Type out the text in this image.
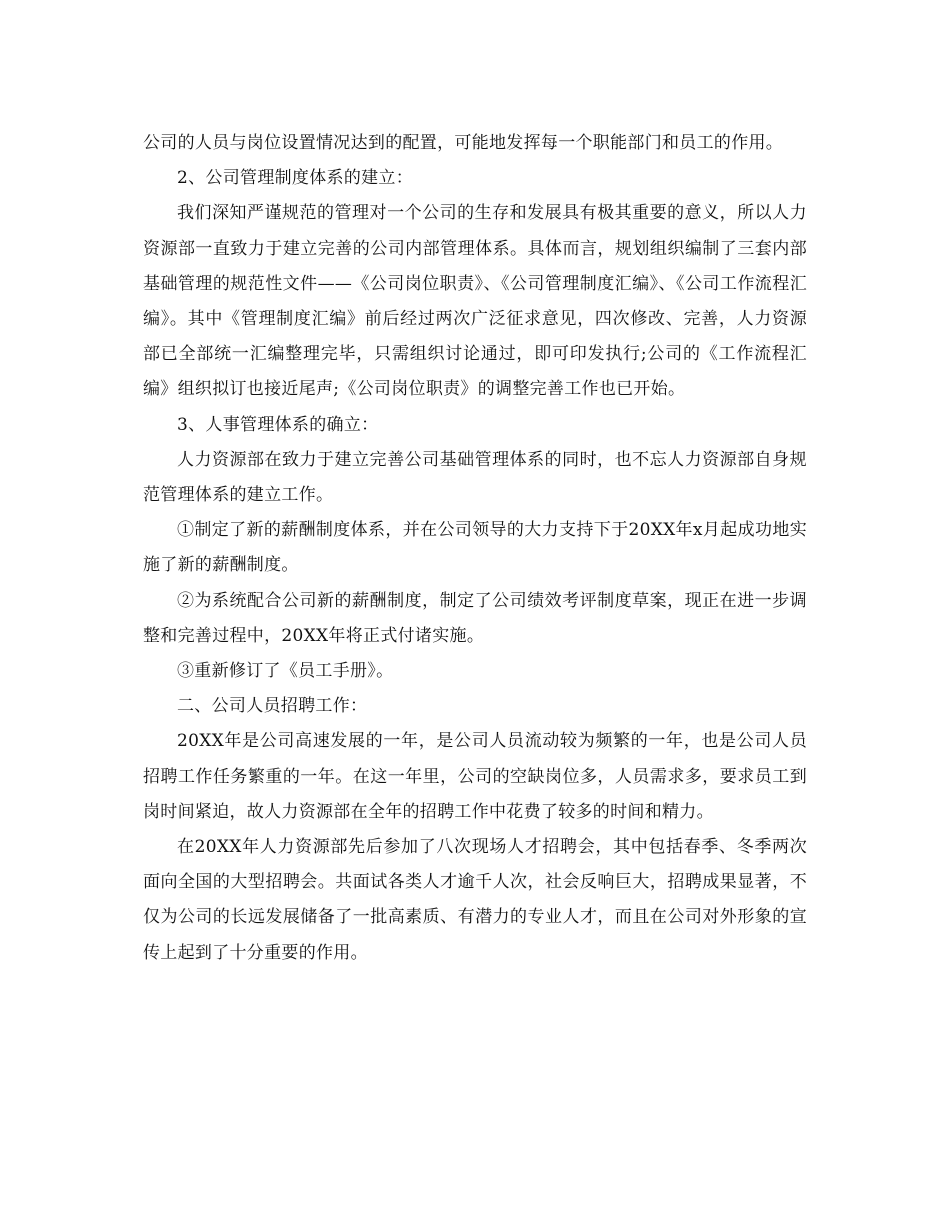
公司的人员与岗位设置情况达到的配置，可能地发挥每一个职能部门和员工的作用。

2、公司管理制度体系的建立：

我们深知严谨规范的管理对一个公司的生存和发展具有极其重要的意义，所以人力资源部一直致力于建立完善的公司内部管理体系。具体而言，规划组织编制了三套内部基础管理的规范性文件——《公司岗位职责》、《公司管理制度汇编》、《公司工作流程汇编》。其中《管理制度汇编》前后经过两次广泛征求意见，四次修改、完善，人力资源部已全部统一汇编整理完毕，只需组织讨论通过，即可印发执行;公司的《工作流程汇编》组织拟订也接近尾声;《公司岗位职责》的调整完善工作也已开始。

3、人事管理体系的确立：

人力资源部在致力于建立完善公司基础管理体系的同时，也不忘人力资源部自身规范管理体系的建立工作。

①制定了新的薪酬制度体系，并在公司领导的大力支持下于20XX年x月起成功地实施了新的薪酬制度。

②为系统配合公司新的薪酬制度，制定了公司绩效考评制度草案，现正在进一步调整和完善过程中，20XX年将正式付诸实施。

③重新修订了《员工手册》。

二、公司人员招聘工作：

20XX年是公司高速发展的一年，是公司人员流动较为频繁的一年，也是公司人员招聘工作任务繁重的一年。在这一年里，公司的空缺岗位多，人员需求多，要求员工到岗时间紧迫，故人力资源部在全年的招聘工作中花费了较多的时间和精力。

在20XX年人力资源部先后参加了八次现场人才招聘会，其中包括春季、冬季两次面向全国的大型招聘会。共面试各类人才逾千人次，社会反响巨大，招聘成果显著，不仅为公司的长远发展储备了一批高素质、有潜力的专业人才，而且在公司对外形象的宣传上起到了十分重要的作用。
